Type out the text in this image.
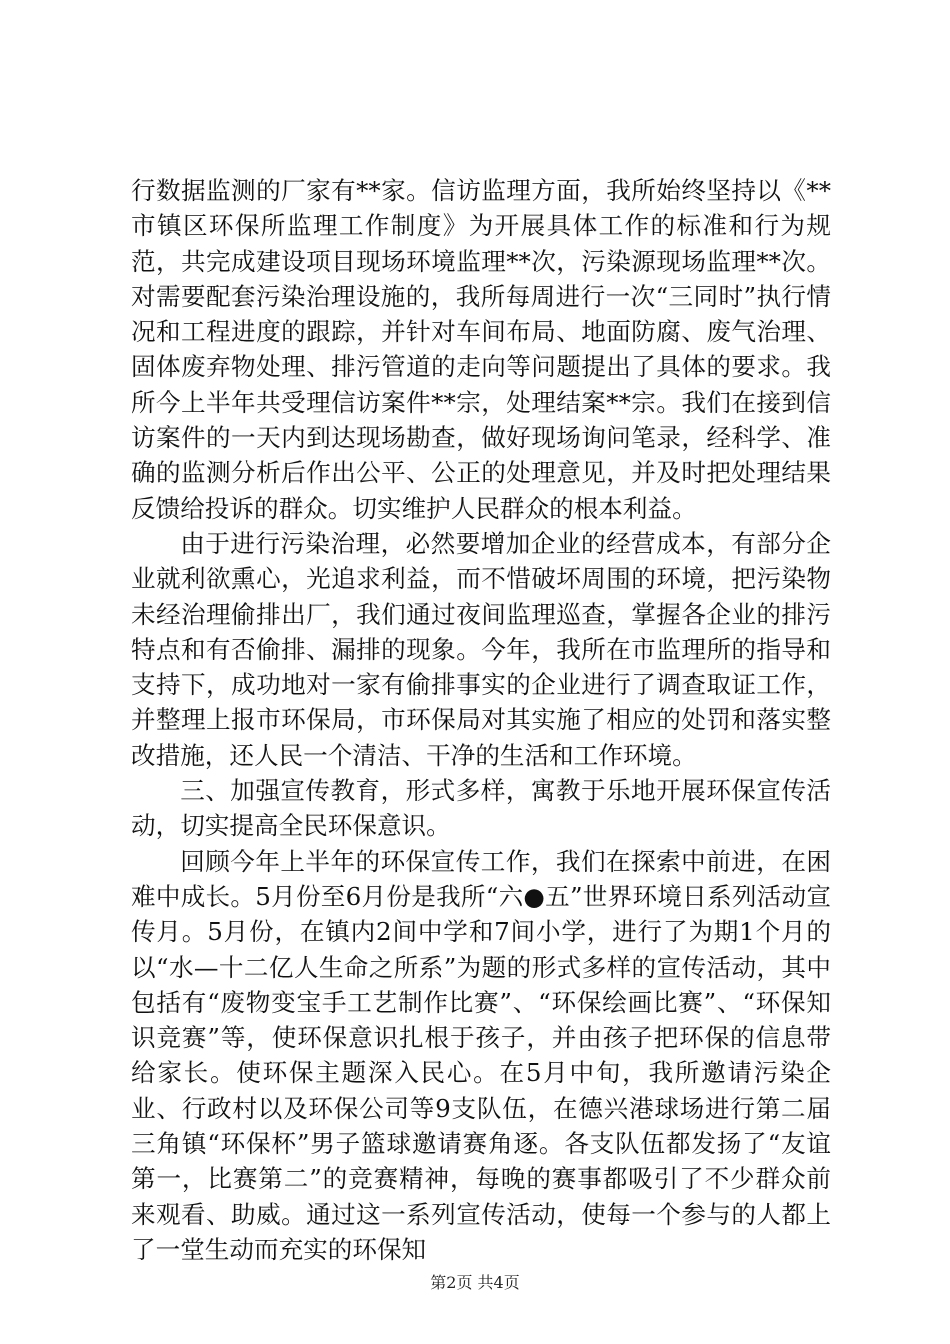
行数据监测的厂家有**家。信访监理方面，我所始终坚持以《**市镇区环保所监理工作制度》为开展具体工作的标准和行为规范，共完成建设项目现场环境监理**次，污染源现场监理**次。对需要配套污染治理设施的，我所每周进行一次“三同时”执行情况和工程进度的跟踪，并针对车间布局、地面防腐、废气治理、固体废弃物处理、排污管道的走向等问题提出了具体的要求。我所今上半年共受理信访案件**宗，处理结案**宗。我们在接到信访案件的一天内到达现场勘查，做好现场询问笔录，经科学、准确的监测分析后作出公平、公正的处理意见，并及时把处理结果反馈给投诉的群众。切实维护人民群众的根本利益。

由于进行污染治理，必然要增加企业的经营成本，有部分企业就利欲熏心，光追求利益，而不惜破坏周围的环境，把污染物未经治理偷排出厂，我们通过夜间监理巡查，掌握各企业的排污特点和有否偷排、漏排的现象。今年，我所在市监理所的指导和支持下，成功地对一家有偷排事实的企业进行了调查取证工作，并整理上报市环保局，市环保局对其实施了相应的处罚和落实整改措施，还人民一个清洁、干净的生活和工作环境。

三、加强宣传教育，形式多样，寓教于乐地开展环保宣传活动，切实提高全民环保意识。

回顾今年上半年的环保宣传工作，我们在探索中前进，在困难中成长。5月份至6月份是我所“六●五”世界环境日系列活动宣传月。5月份，在镇内2间中学和7间小学，进行了为期1个月的以“水—十二亿人生命之所系”为题的形式多样的宣传活动，其中包括有“废物变宝手工艺制作比赛”、“环保绘画比赛”、“环保知识竞赛”等，使环保意识扎根于孩子，并由孩子把环保的信息带给家长。使环保主题深入民心。在5月中旬，我所邀请污染企业、行政村以及环保公司等9支队伍，在德兴港球场进行第二届三角镇“环保杯”男子篮球邀请赛角逐。各支队伍都发扬了“友谊第一，比赛第二”的竞赛精神，每晚的赛事都吸引了不少群众前来观看、助威。通过这一系列宣传活动，使每一个参与的人都上了一堂生动而充实的环保知

第2页 共4页
